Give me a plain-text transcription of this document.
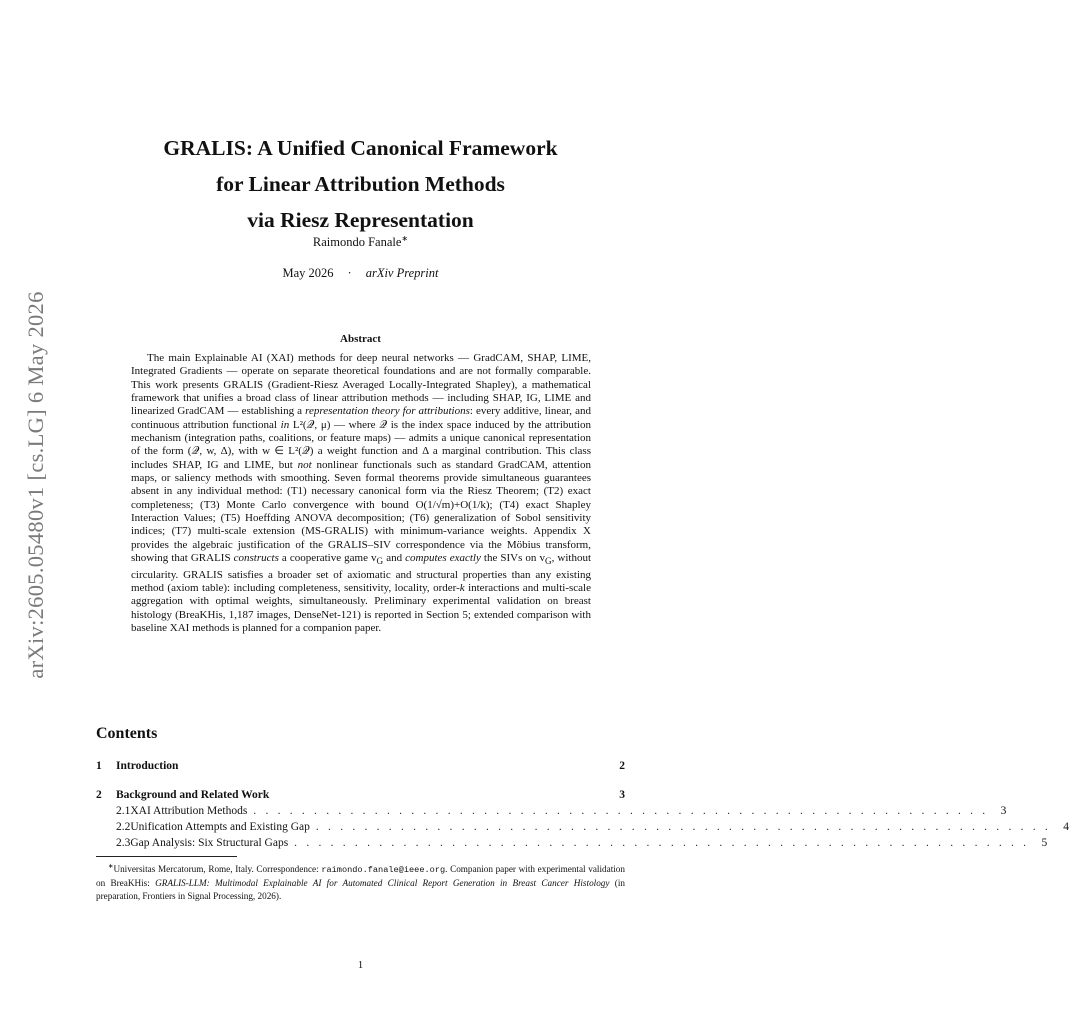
arXiv:2605.05480v1 [cs.LG] 6 May 2026
GRALIS: A Unified Canonical Framework
for Linear Attribution Methods
via Riesz Representation
Raimondo Fanale∗
May 2026 · arXiv Preprint
Abstract

The main Explainable AI (XAI) methods for deep neural networks — GradCAM, SHAP, LIME, Integrated Gradients — operate on separate theoretical foundations and are not formally comparable. This work presents GRALIS (Gradient-Riesz Averaged Locally-Integrated Shapley), a mathematical framework that unifies a broad class of linear attribution methods — including SHAP, IG, LIME and linearized GradCAM — establishing a representation theory for attributions: every additive, linear, and continuous attribution functional in L²(𝒬, μ) — where 𝒬 is the index space induced by the attribution mechanism (integration paths, coalitions, or feature maps) — admits a unique canonical representation of the form (𝒬, w, Δ), with w ∈ L²(𝒬) a weight function and Δ a marginal contribution. This class includes SHAP, IG and LIME, but not nonlinear functionals such as standard GradCAM, attention maps, or saliency methods with smoothing. Seven formal theorems provide simultaneous guarantees absent in any individual method: (T1) necessary canonical form via the Riesz Theorem; (T2) exact completeness; (T3) Monte Carlo convergence with bound O(1/√m)+O(1/k); (T4) exact Shapley Interaction Values; (T5) Hoeffding ANOVA decomposition; (T6) generalization of Sobol sensitivity indices; (T7) multi-scale extension (MS-GRALIS) with minimum-variance weights. Appendix X provides the algebraic justification of the GRALIS–SIV correspondence via the Möbius transform, showing that GRALIS constructs a cooperative game $v_G$ and computes exactly the SIVs on $v_G$, without circularity. GRALIS satisfies a broader set of axiomatic and structural properties than any existing method (axiom table): including completeness, sensitivity, locality, order-k interactions and multi-scale aggregation with optimal weights, simultaneously. Preliminary experimental validation on breast histology (BreaKHis, 1,187 images, DenseNet-121) is reported in Section 5; extended comparison with baseline XAI methods is planned for a companion paper.

Contents
1	Introduction	2
2	Background and Related Work	3
2.1 XAI Attribution Methods . . . . . . . . . . . . . . . . . . . . . . . . . . . . . . . . . . . . . . . . . . . . . . . . . . . . . . . . . . . . .	3
2.2 Unification Attempts and Existing Gap . . . . . . . . . . . . . . . . . . . . . . . . . . . . . . . . . . . . . . . . . . . . . . . . . . . . . . . . . . . . .	4
2.3 Gap Analysis: Six Structural Gaps . . . . . . . . . . . . . . . . . . . . . . . . . . . . . . . . . . . . . . . . . . . . . . . . . . . . . . . . . . . . .	5

∗Universitas Mercatorum, Rome, Italy. Correspondence: raimondo.fanale@ieee.org. Companion paper with experimental validation on BreaKHis: GRALIS-LLM: Multimodal Explainable AI for Automated Clinical Report Generation in Breast Cancer Histology (in preparation, Frontiers in Signal Processing, 2026).

1
